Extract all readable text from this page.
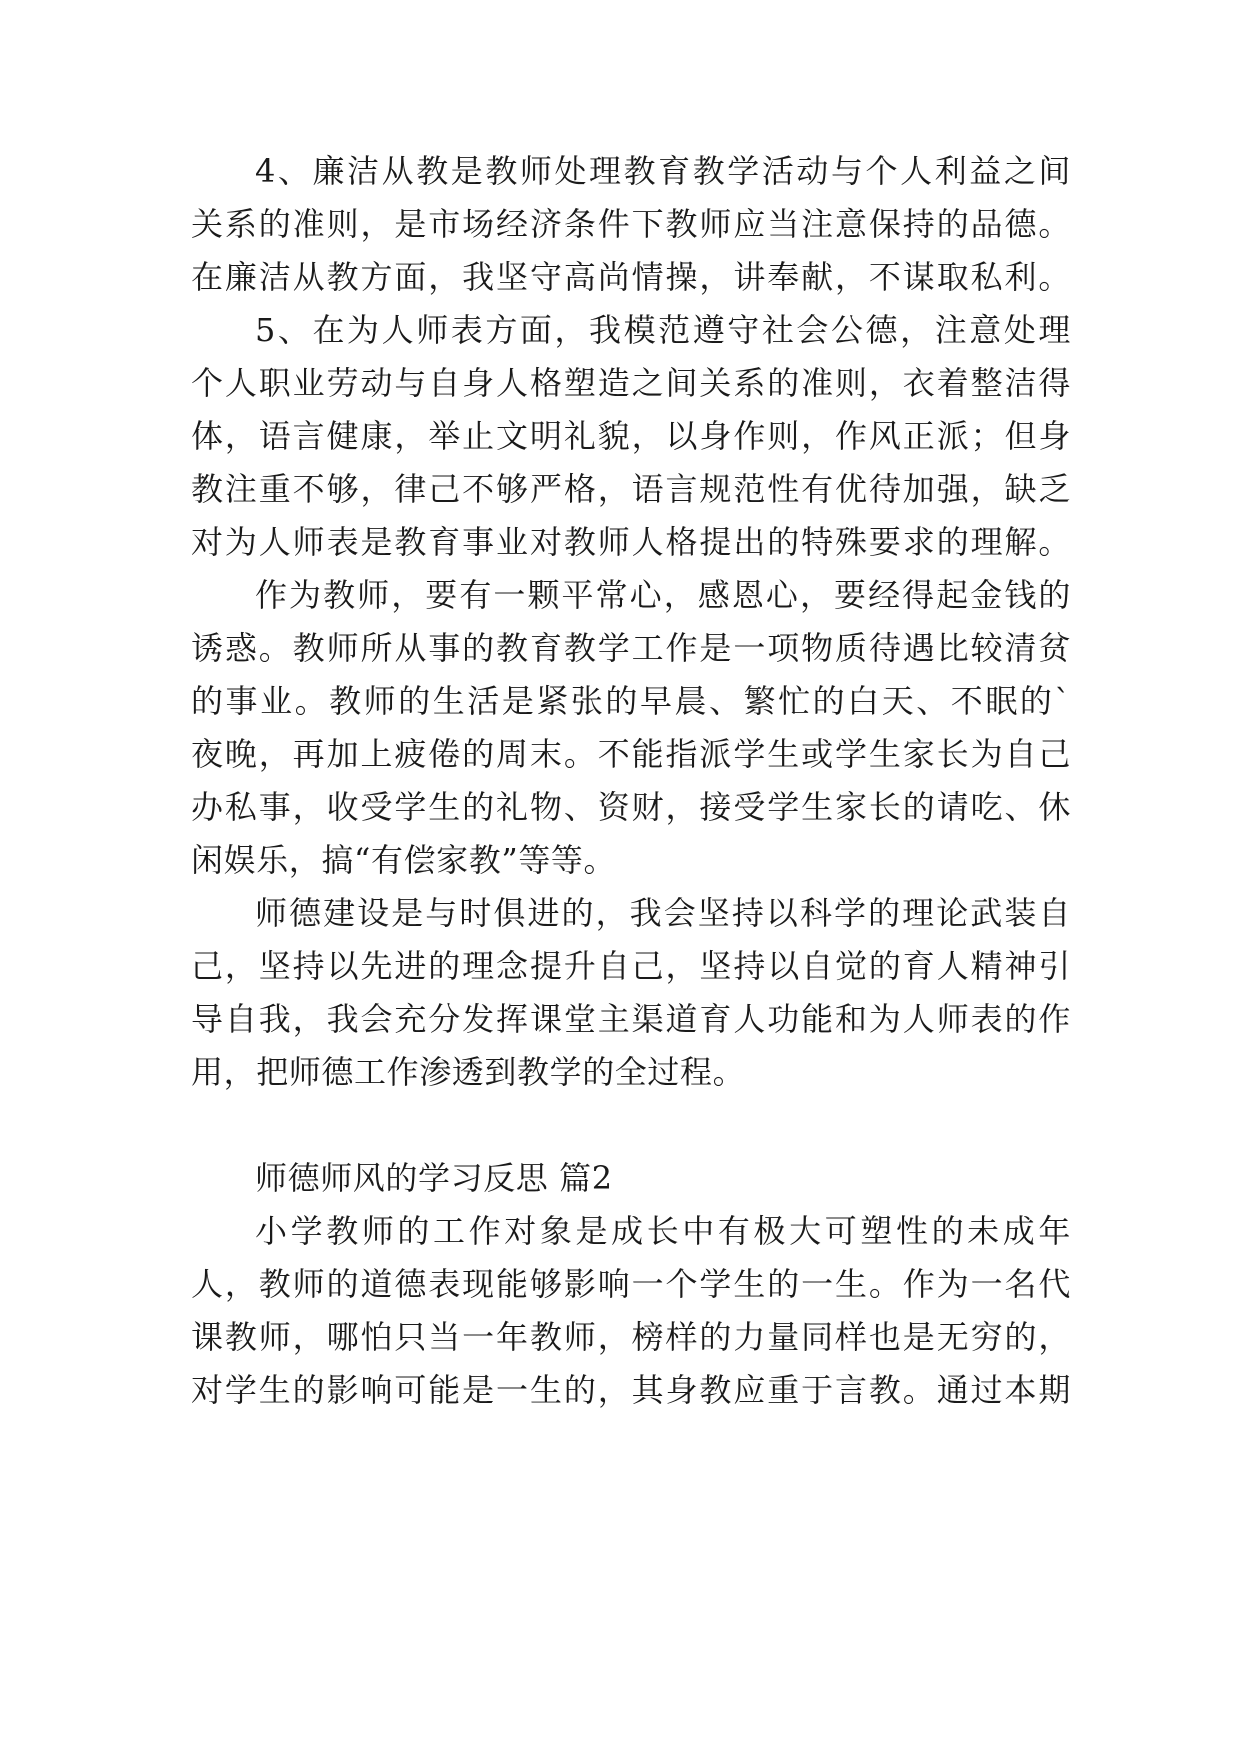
4、廉洁从教是教师处理教育教学活动与个人利益之间
关系的准则，是市场经济条件下教师应当注意保持的品德。
在廉洁从教方面，我坚守高尚情操，讲奉献，不谋取私利。
5、在为人师表方面，我模范遵守社会公德，注意处理
个人职业劳动与自身人格塑造之间关系的准则，衣着整洁得
体，语言健康，举止文明礼貌，以身作则，作风正派；但身
教注重不够，律己不够严格，语言规范性有优待加强，缺乏
对为人师表是教育事业对教师人格提出的特殊要求的理解。
作为教师，要有一颗平常心，感恩心，要经得起金钱的
诱惑。教师所从事的教育教学工作是一项物质待遇比较清贫
的事业。教师的生活是紧张的早晨、繁忙的白天、不眠的`
夜晚，再加上疲倦的周末。不能指派学生或学生家长为自己
办私事，收受学生的礼物、资财，接受学生家长的请吃、休
闲娱乐，搞“有偿家教”等等。
师德建设是与时俱进的，我会坚持以科学的理论武装自
己，坚持以先进的理念提升自己，坚持以自觉的育人精神引
导自我，我会充分发挥课堂主渠道育人功能和为人师表的作
用，把师德工作渗透到教学的全过程。
师德师风的学习反思 篇2
小学教师的工作对象是成长中有极大可塑性的未成年
人，教师的道德表现能够影响一个学生的一生。作为一名代
课教师，哪怕只当一年教师，榜样的力量同样也是无穷的，
对学生的影响可能是一生的，其身教应重于言教。通过本期
